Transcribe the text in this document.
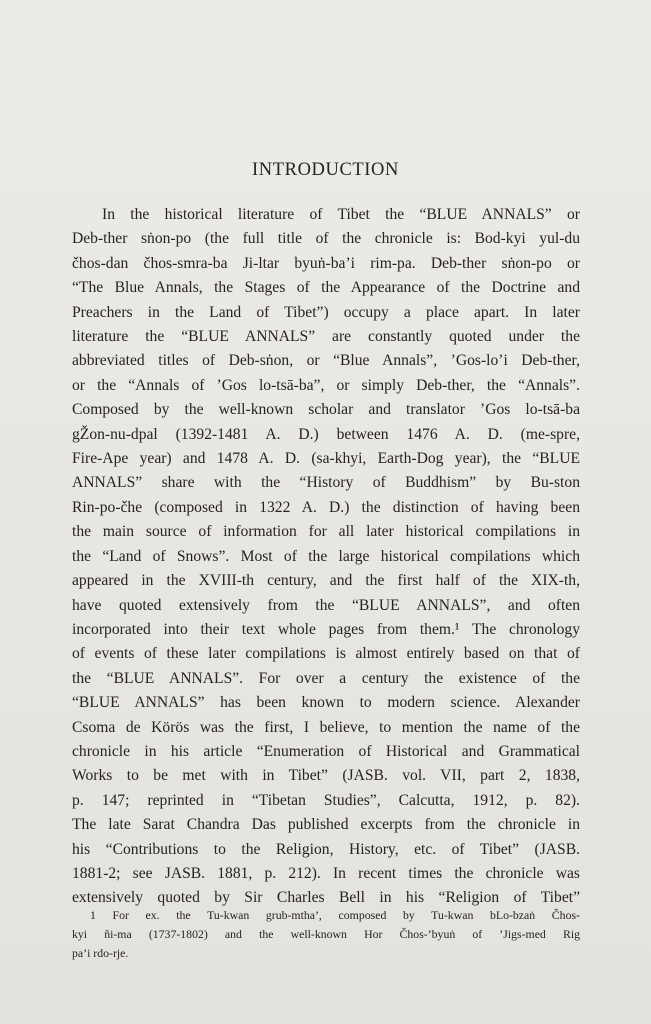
INTRODUCTION
In the historical literature of Tibet the “BLUE ANNALS” or
Deb-ther sṅon-po (the full title of the chronicle is: Bod-kyi yul-du
čhos-dan čhos-smra-ba Ji-ltar byuṅ-ba’i rim-pa. Deb-ther sṅon-po or
“The Blue Annals, the Stages of the Appearance of the Doctrine and
Preachers in the Land of Tibet”) occupy a place apart. In later
literature the “BLUE ANNALS” are constantly quoted under the
abbreviated titles of Deb-sṅon, or “Blue Annals”, ’Gos-lo’i Deb-ther,
or the “Annals of ’Gos lo-tsā-ba”, or simply Deb-ther, the “Annals”.
Composed by the well-known scholar and translator ’Gos lo-tsā-ba
gŽon-nu-dpal (1392-1481 A. D.) between 1476 A. D. (me-spre,
Fire-Ape year) and 1478 A. D. (sa-khyi, Earth-Dog year), the “BLUE
ANNALS” share with the “History of Buddhism” by Bu-ston
Rin-po-čhe (composed in 1322 A. D.) the distinction of having been
the main source of information for all later historical compilations in
the “Land of Snows”. Most of the large historical compilations which
appeared in the XVIII-th century, and the first half of the XIX-th,
have quoted extensively from the “BLUE ANNALS”, and often
incorporated into their text whole pages from them.¹ The chronology
of events of these later compilations is almost entirely based on that of
the “BLUE ANNALS”. For over a century the existence of the
“BLUE ANNALS” has been known to modern science. Alexander
Csoma de Körös was the first, I believe, to mention the name of the
chronicle in his article “Enumeration of Historical and Grammatical
Works to be met with in Tibet” (JASB. vol. VII, part 2, 1838,
p. 147; reprinted in “Tibetan Studies”, Calcutta, 1912, p. 82).
The late Sarat Chandra Das published excerpts from the chronicle in
his “Contributions to the Religion, History, etc. of Tibet” (JASB.
1881-2; see JASB. 1881, p. 212). In recent times the chronicle was
extensively quoted by Sir Charles Bell in his “Religion of Tibet”
1 For ex. the Tu-kwan grub-mtha’, composed by Tu-kwan bLo-bzaṅ Čhos-
kyi ñi-ma (1737-1802) and the well-known Hor Čhos-’byuṅ of ’Jigs-med Rig
pa’i rdo-rje.
